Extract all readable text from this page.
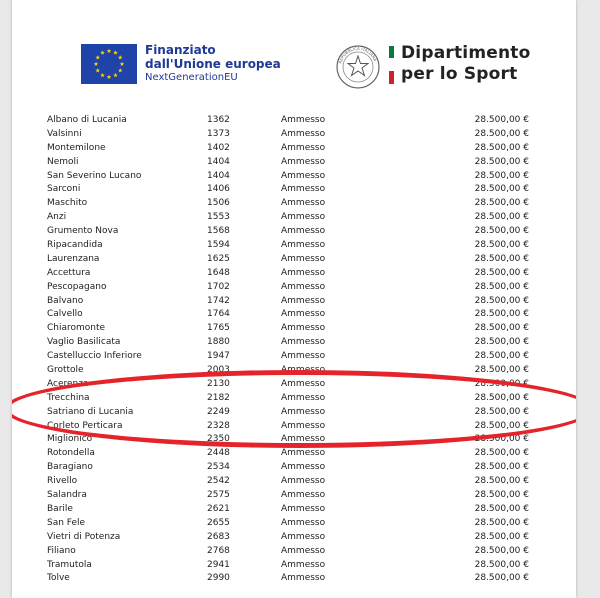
Finanziato
dall'Unione europea
NextGenerationEU
REPUBBLICA ITALIANA Dipartimento
per lo Sport
Albano di Lucania	1362	Ammesso	28.500,00 €
Valsinni	1373	Ammesso	28.500,00 €
Montemilone	1402	Ammesso	28.500,00 €
Nemoli	1404	Ammesso	28.500,00 €
San Severino Lucano	1404	Ammesso	28.500,00 €
Sarconi	1406	Ammesso	28.500,00 €
Maschito	1506	Ammesso	28.500,00 €
Anzi	1553	Ammesso	28.500,00 €
Grumento Nova	1568	Ammesso	28.500,00 €
Ripacandida	1594	Ammesso	28.500,00 €
Laurenzana	1625	Ammesso	28.500,00 €
Accettura	1648	Ammesso	28.500,00 €
Pescopagano	1702	Ammesso	28.500,00 €
Balvano	1742	Ammesso	28.500,00 €
Calvello	1764	Ammesso	28.500,00 €
Chiaromonte	1765	Ammesso	28.500,00 €
Vaglio Basilicata	1880	Ammesso	28.500,00 €
Castelluccio Inferiore	1947	Ammesso	28.500,00 €
Grottole	2003	Ammesso	28.500,00 €
Acerenza	2130	Ammesso	28.500,00 €
Trecchina	2182	Ammesso	28.500,00 €
Satriano di Lucania	2249	Ammesso	28.500,00 €
Corleto Perticara	2328	Ammesso	28.500,00 €
Miglionico	2350	Ammesso	28.500,00 €
Rotondella	2448	Ammesso	28.500,00 €
Baragiano	2534	Ammesso	28.500,00 €
Rivello	2542	Ammesso	28.500,00 €
Salandra	2575	Ammesso	28.500,00 €
Barile	2621	Ammesso	28.500,00 €
San Fele	2655	Ammesso	28.500,00 €
Vietri di Potenza	2683	Ammesso	28.500,00 €
Filiano	2768	Ammesso	28.500,00 €
Tramutola	2941	Ammesso	28.500,00 €
Tolve	2990	Ammesso	28.500,00 €
